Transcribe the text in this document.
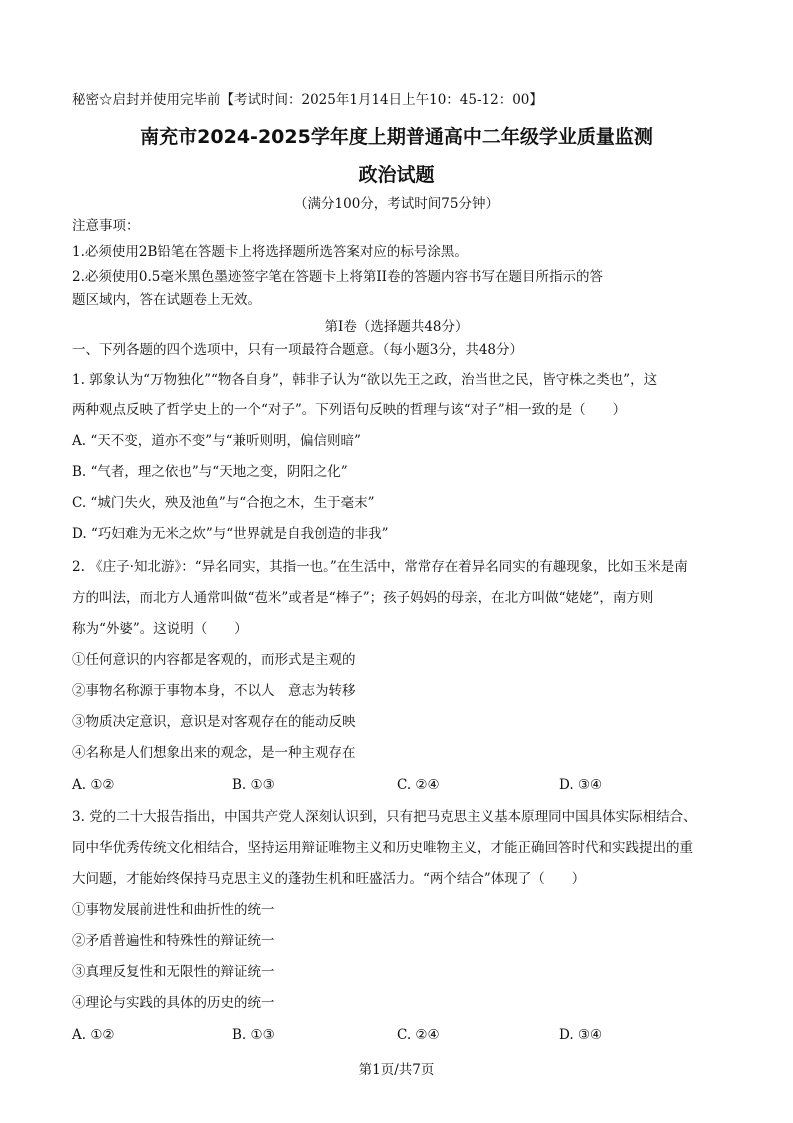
秘密☆启封并使用完毕前【考试时间：2025年1月14日上午10：45-12：00】
南充市2024-2025学年度上期普通高中二年级学业质量监测
政治试题
（满分100分，考试时间75分钟）
注意事项：
1.必须使用2B铅笔在答题卡上将选择题所选答案对应的标号涂黑。
2.必须使用0.5毫米黑色墨迹签字笔在答题卡上将第II卷的答题内容书写在题目所指示的答
题区域内，答在试题卷上无效。
第I卷（选择题共48分）
一、下列各题的四个选项中，只有一项最符合题意。（每小题3分，共48分）
1. 郭象认为“万物独化”“物各自身”，韩非子认为“欲以先王之政，治当世之民，皆守株之类也”，这
两种观点反映了哲学史上的一个“对子”。下列语句反映的哲理与该“对子”相一致的是（　　）
A. “天不变，道亦不变”与“兼听则明，偏信则暗”
B. “气者，理之依也”与“天地之变，阴阳之化”
C. “城门失火，殃及池鱼”与“合抱之木，生于毫末”
D. “巧妇难为无米之炊”与“世界就是自我创造的非我”
2. 《庄子·知北游》：“异名同实，其指一也。”在生活中，常常存在着异名同实的有趣现象，比如玉米是南
方的叫法，而北方人通常叫做“苞米”或者是“棒子”；孩子妈妈的母亲，在北方叫做“姥姥”，南方则
称为“外婆”。这说明（　　）
①任何意识的内容都是客观的，而形式是主观的
②事物名称源于事物本身，不以人　意志为转移
③物质决定意识，意识是对客观存在的能动反映
④名称是人们想象出来的观念，是一种主观存在
A. ①②	B. ①③	C. ②④	D. ③④
3. 党的二十大报告指出，中国共产党人深刻认识到，只有把马克思主义基本原理同中国具体实际相结合、
同中华优秀传统文化相结合，坚持运用辩证唯物主义和历史唯物主义，才能正确回答时代和实践提出的重
大问题，才能始终保持马克思主义的蓬勃生机和旺盛活力。“两个结合”体现了（　　）
①事物发展前进性和曲折性的统一
②矛盾普遍性和特殊性的辩证统一
③真理反复性和无限性的辩证统一
④理论与实践的具体的历史的统一
A. ①②	B. ①③	C. ②④	D. ③④
第1页/共7页
